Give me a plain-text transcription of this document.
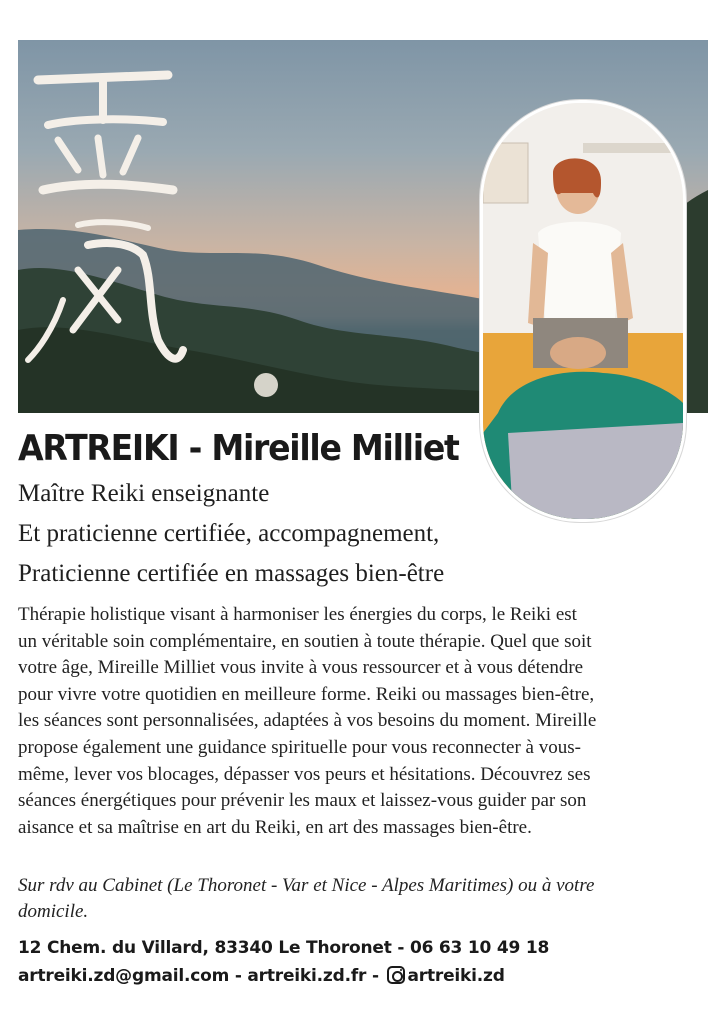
ARTREIKI - Mireille Milliet
Maître Reiki enseignante
Et praticienne certifiée, accompagnement,
Praticienne certifiée en massages bien-être

Thérapie holistique visant à harmoniser les énergies du corps, le Reiki est

un véritable soin complémentaire, en soutien à toute thérapie. Quel que soit

votre âge, Mireille Milliet vous invite à vous ressourcer et à vous détendre

pour vivre votre quotidien en meilleure forme. Reiki ou massages bien-être,

les séances sont personnalisées, adaptées à vos besoins du moment. Mireille

propose également une guidance spirituelle pour vous reconnecter à vous-

même, lever vos blocages, dépasser vos peurs et hésitations. Découvrez ses

séances énergétiques pour prévenir les maux et laissez-vous guider par son

aisance et sa maîtrise en art du Reiki, en art des massages bien-être.

Sur rdv au Cabinet (Le Thoronet - Var et Nice - Alpes Maritimes) ou à votre
domicile.
12 Chem. du Villard, 83340 Le Thoronet - 06 63 10 49 18
artreiki.zd@gmail.com - artreiki.zd.fr - artreiki.zd
